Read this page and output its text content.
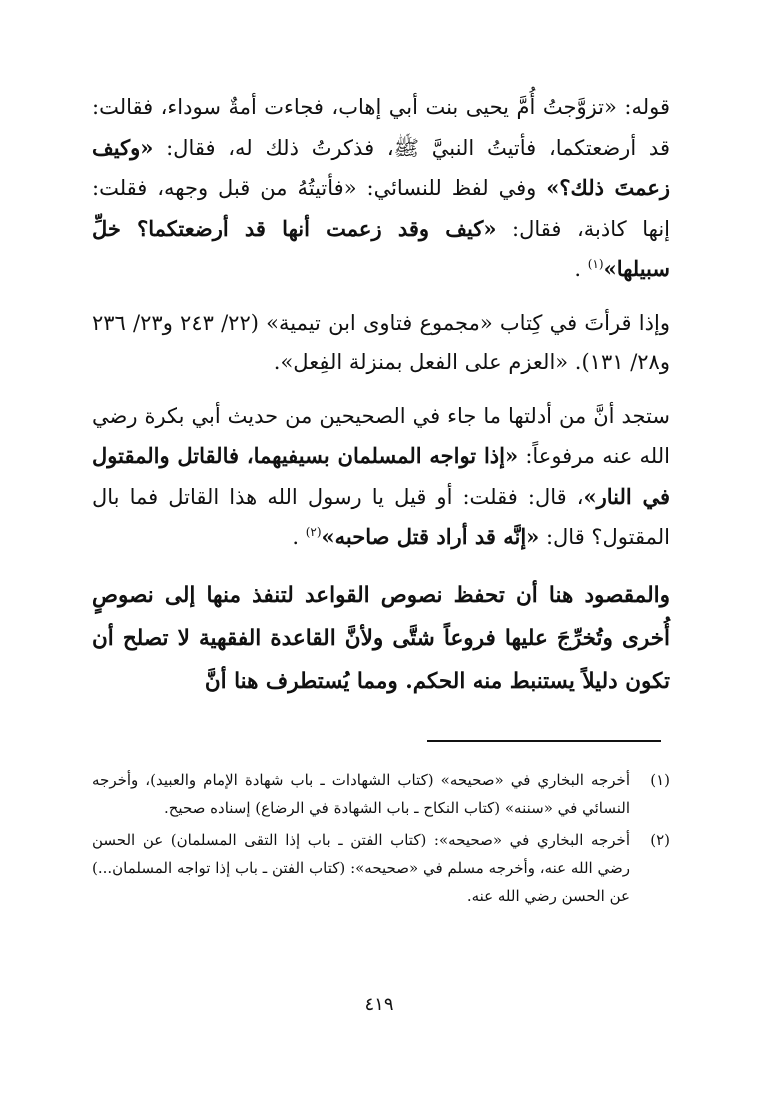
قوله: «تزوَّجتُ أُمَّ يحيى بنت أبي إهاب، فجاءت أمةٌ سوداء، فقالت: قد أرضعتكما، فأتيتُ النبيَّ ﷺ، فذكرتُ ذلك له، فقال: «وكيف زعمتَ ذلك؟» وفي لفظ للنسائي: «فأتيتُهُ من قبل وجهه، فقلت: إنها كاذبة، فقال: «كيف وقد زعمت أنها قد أرضعتكما؟ خلِّ سبيلها»$^{(١)}$ .

وإذا قرأتَ في كِتاب «مجموع فتاوى ابن تيمية» (٢٢/ ٢٤٣ و٢٣/ ٢٣٦ و٢٨/ ١٣١). «العزم على الفعل بمنزلة الفِعل».

ستجد أنَّ من أدلتها ما جاء في الصحيحين من حديث أبي بكرة رضي الله عنه مرفوعاً: «إذا تواجه المسلمان بسيفيهما، فالقاتل والمقتول في النار»، قال: فقلت: أو قيل يا رسول الله هذا القاتل فما بال المقتول؟ قال: «إنَّه قد أراد قتل صاحبه»$^{(٢)}$ .

والمقصود هنا أن تحفظ نصوص القواعد لتنفذ منها إلى نصوصٍ أُخرى وتُخرِّجَ عليها فروعاً شتَّى ولأنَّ القاعدة الفقهية لا تصلح أن تكون دليلاً يستنبط منه الحكم. ومما يُستطرف هنا أنَّ

(١)
أخرجه البخاري في «صحيحه» (كتاب الشهادات ـ باب شهادة الإمام والعبيد)، وأخرجه النسائي في «سننه» (كتاب النكاح ـ باب الشهادة في الرضاع) إسناده صحيح.
(٢)
أخرجه البخاري في «صحيحه»: (كتاب الفتن ـ باب إذا التقى المسلمان) عن الحسن رضي الله عنه، وأخرجه مسلم في «صحيحه»: (كتاب الفتن ـ باب إذا تواجه المسلمان...) عن الحسن رضي الله عنه.
٤١٩
